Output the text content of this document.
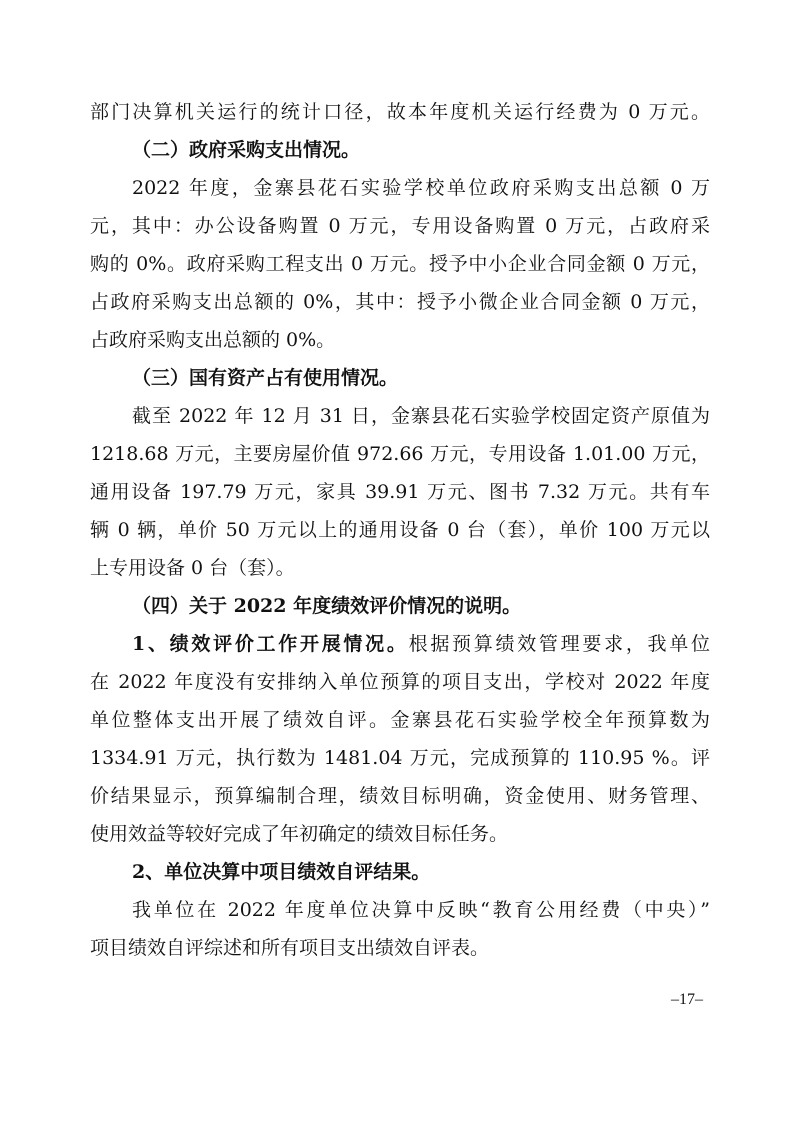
部门决算机关运行的统计口径，故本年度机关运行经费为 0 万元。
（二）政府采购支出情况。
2022 年度，金寨县花石实验学校单位政府采购支出总额 0 万
元，其中：办公设备购置 0 万元，专用设备购置 0 万元，占政府采
购的 0%。政府采购工程支出 0 万元。授予中小企业合同金额 0 万元，
占政府采购支出总额的 0%，其中：授予小微企业合同金额 0 万元，
占政府采购支出总额的 0%。
（三）国有资产占有使用情况。
截至 2022 年 12 月 31 日，金寨县花石实验学校固定资产原值为
1218.68 万元，主要房屋价值 972.66 万元，专用设备 1.01.00 万元，
通用设备 197.79 万元，家具 39.91 万元、图书 7.32 万元。共有车
辆 0 辆，单价 50 万元以上的通用设备 0 台（套），单价 100 万元以
上专用设备 0 台（套）。
（四）关于 2022 年度绩效评价情况的说明。
1、绩效评价工作开展情况。根据预算绩效管理要求，我单位
在 2022 年度没有安排纳入单位预算的项目支出，学校对 2022 年度
单位整体支出开展了绩效自评。金寨县花石实验学校全年预算数为
1334.91 万元，执行数为 1481.04 万元，完成预算的 110.95 %。评
价结果显示，预算编制合理，绩效目标明确，资金使用、财务管理、
使用效益等较好完成了年初确定的绩效目标任务。
2、单位决算中项目绩效自评结果。
我单位在 2022 年度单位决算中反映“教育公用经费（中央）”
项目绩效自评综述和所有项目支出绩效自评表。
–17–
